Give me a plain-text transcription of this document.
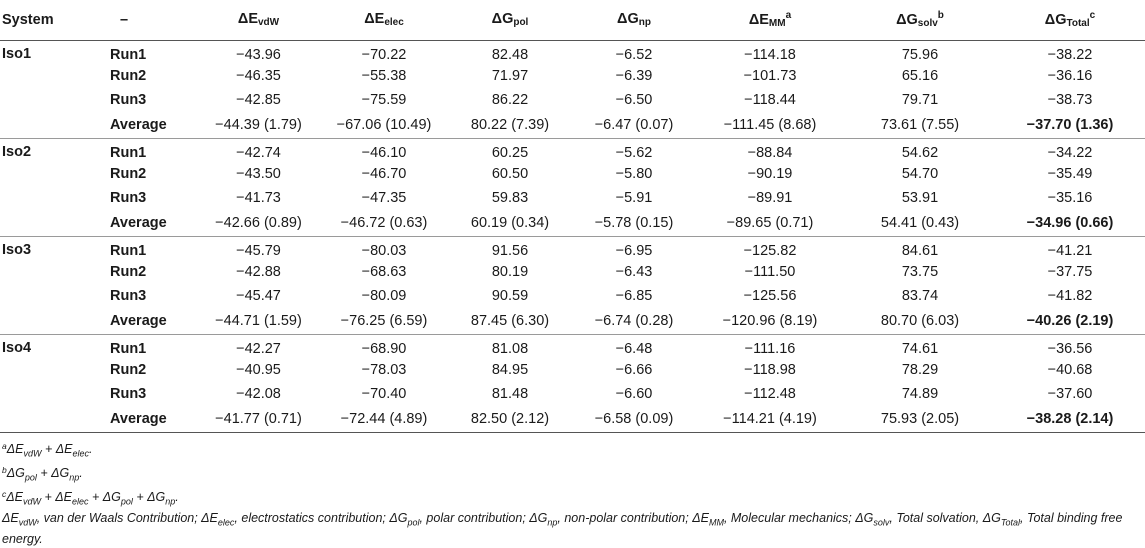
System	–	$\Delta E_{vdW}$	$\Delta E_{elec}$	$\Delta G_{pol}$	$\Delta G_{np}$	$\Delta E_{MM}^a$	$\Delta G_{solv}^b$	$\Delta G_{Total}^c$
Iso1	Run1	−43.96	−70.22	82.48	−6.52	−114.18	75.96	−38.22
	Run2	−46.35	−55.38	71.97	−6.39	−101.73	65.16	−36.16
	Run3	−42.85	−75.59	86.22	−6.50	−118.44	79.71	−38.73
	Average	−44.39 (1.79)	−67.06 (10.49)	80.22 (7.39)	−6.47 (0.07)	−111.45 (8.68)	73.61 (7.55)	−37.70 (1.36)
Iso2	Run1	−42.74	−46.10	60.25	−5.62	−88.84	54.62	−34.22
	Run2	−43.50	−46.70	60.50	−5.80	−90.19	54.70	−35.49
	Run3	−41.73	−47.35	59.83	−5.91	−89.91	53.91	−35.16
	Average	−42.66 (0.89)	−46.72 (0.63)	60.19 (0.34)	−5.78 (0.15)	−89.65 (0.71)	54.41 (0.43)	−34.96 (0.66)
Iso3	Run1	−45.79	−80.03	91.56	−6.95	−125.82	84.61	−41.21
	Run2	−42.88	−68.63	80.19	−6.43	−111.50	73.75	−37.75
	Run3	−45.47	−80.09	90.59	−6.85	−125.56	83.74	−41.82
	Average	−44.71 (1.59)	−76.25 (6.59)	87.45 (6.30)	−6.74 (0.28)	−120.96 (8.19)	80.70 (6.03)	−40.26 (2.19)
Iso4	Run1	−42.27	−68.90	81.08	−6.48	−111.16	74.61	−36.56
	Run2	−40.95	−78.03	84.95	−6.66	−118.98	78.29	−40.68
	Run3	−42.08	−70.40	81.48	−6.60	−112.48	74.89	−37.60
	Average	−41.77 (0.71)	−72.44 (4.89)	82.50 (2.12)	−6.58 (0.09)	−114.21 (4.19)	75.93 (2.05)	−38.28 (2.14)

$^a\Delta E_{vdW} + \Delta E_{elec}$.

$^b\Delta G_{pol} + \Delta G_{np}$.

$^c\Delta E_{vdW} + \Delta E_{elec} + \Delta G_{pol} + \Delta G_{np}$.

$\Delta E_{vdW}$, van der Waals Contribution; $\Delta E_{elec}$, electrostatics contribution; $\Delta G_{pol}$, polar contribution; $\Delta G_{np}$, non-polar contribution; $\Delta E_{MM}$, Molecular mechanics; $\Delta G_{solv}$, Total solvation, $\Delta G_{Total}$, Total binding free energy.
